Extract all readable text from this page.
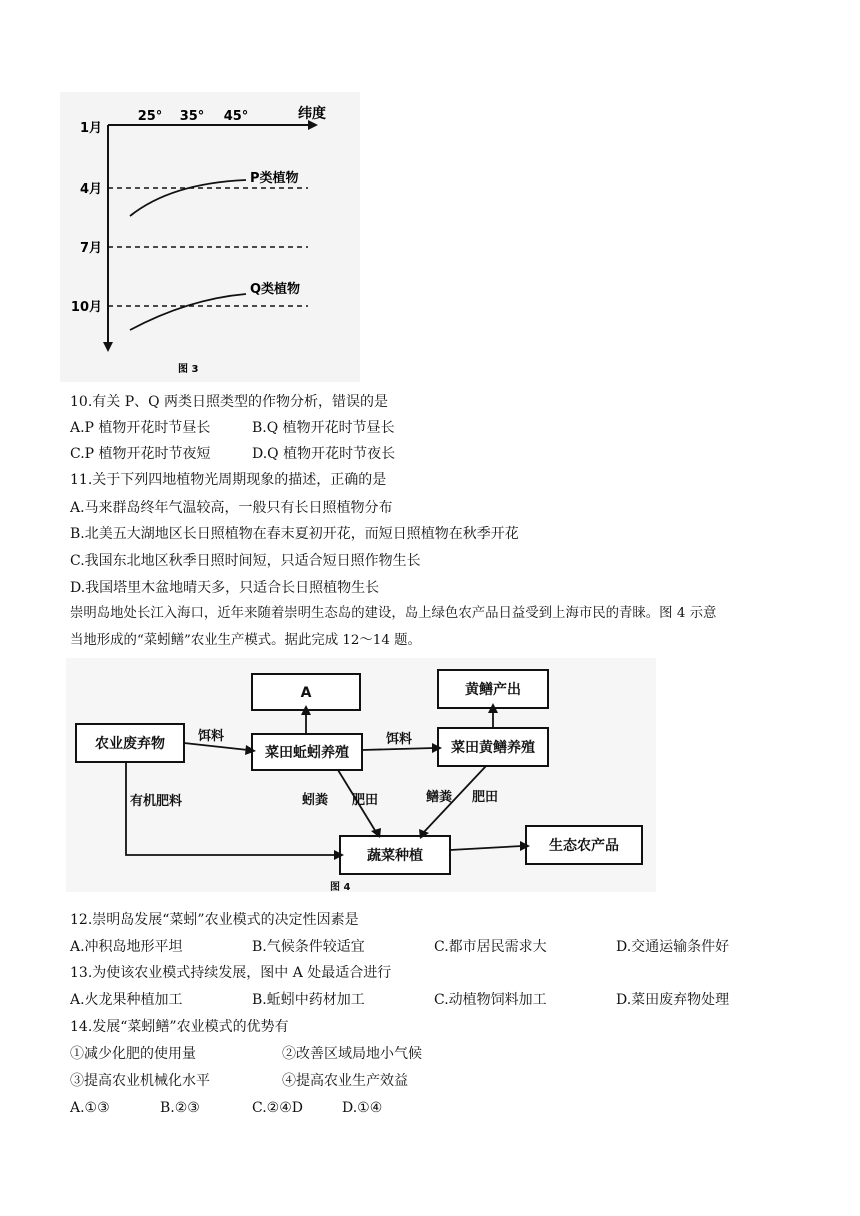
25° 35° 45°	纬度
1月
4月
7月
10月
P类植物
Q类植物
图 3
10.有关 P、Q 两类日照类型的作物分析，错误的是
A.P 植物开花时节昼长	B.Q 植物开花时节昼长
C.P 植物开花时节夜短	D.Q 植物开花时节夜长
11.关于下列四地植物光周期现象的描述，正确的是
A.马来群岛终年气温较高，一般只有长日照植物分布
B.北美五大湖地区长日照植物在春末夏初开花，而短日照植物在秋季开花
C.我国东北地区秋季日照时间短，只适合短日照作物生长
D.我国塔里木盆地晴天多，只适合长日照植物生长
崇明岛地处长江入海口，近年来随着崇明生态岛的建设，岛上绿色农产品日益受到上海市民的青睐。图 4 示意
当地形成的“菜蚓鳝”农业生产模式。据此完成 12～14 题。
A	黄鳝产出
农业废弃物
菜田蚯蚓养殖	菜田黄鳝养殖
蔬菜种植
生态农产品
饵料	饵料
有机肥料	蚓粪 肥田	鳝粪 肥田
图 4
12.崇明岛发展“菜蚓”农业模式的决定性因素是
A.冲积岛地形平坦	B.气候条件较适宜	C.都市居民需求大	D.交通运输条件好
13.为使该农业模式持续发展，图中 A 处最适合进行
A.火龙果种植加工	B.蚯蚓中药材加工	C.动植物饲料加工	D.菜田废弃物处理
14.发展“菜蚓鳝”农业模式的优势有
①减少化肥的使用量	②改善区域局地小气候
③提高农业机械化水平	④提高农业生产效益
A.①③	B.②③	C.②④D	D.①④
